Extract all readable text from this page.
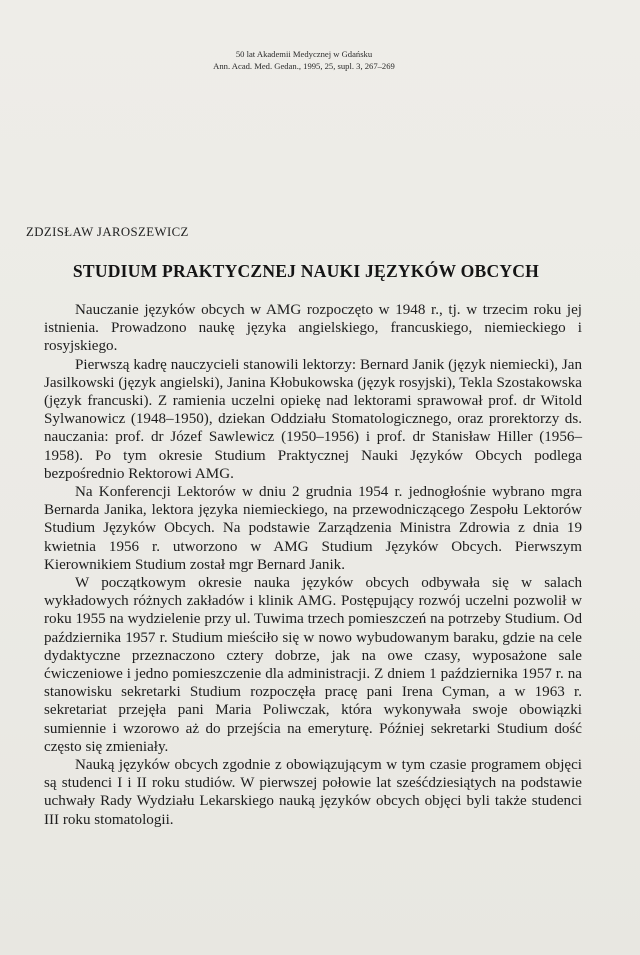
50 lat Akademii Medycznej w Gdańsku
Ann. Acad. Med. Gedan., 1995, 25, supl. 3, 267–269
ZDZISŁAW JAROSZEWICZ
STUDIUM PRAKTYCZNEJ NAUKI JĘZYKÓW OBCYCH

Nauczanie języków obcych w AMG rozpoczęto w 1948 r., tj. w trzecim roku jej istnienia. Prowadzono naukę języka angielskiego, francuskiego, niemieckiego i rosyjskiego.

Pierwszą kadrę nauczycieli stanowili lektorzy: Bernard Janik (język niemiecki), Jan Jasilkowski (język angielski), Janina Kłobukowska (język rosyjski), Tekla Szostakowska (język francuski). Z ramienia uczelni opiekę nad lektorami sprawował prof. dr Witold Sylwanowicz (1948–1950), dziekan Oddziału Stomatologicznego, oraz prorektorzy ds. nauczania: prof. dr Józef Sawlewicz (1950–1956) i prof. dr Stanisław Hiller (1956–1958). Po tym okresie Studium Praktycznej Nauki Języków Obcych podlega bezpośrednio Rektorowi AMG.

Na Konferencji Lektorów w dniu 2 grudnia 1954 r. jednogłośnie wybrano mgra Bernarda Janika, lektora języka niemieckiego, na przewodniczącego Zespołu Lektorów Studium Języków Obcych. Na podstawie Zarządzenia Ministra Zdrowia z dnia 19 kwietnia 1956 r. utworzono w AMG Studium Języków Obcych. Pierwszym Kierownikiem Studium został mgr Bernard Janik.

W początkowym okresie nauka języków obcych odbywała się w salach wykładowych różnych zakładów i klinik AMG. Postępujący rozwój uczelni pozwolił w roku 1955 na wydzielenie przy ul. Tuwima trzech pomieszczeń na potrzeby Studium. Od października 1957 r. Studium mieściło się w nowo wybudowanym baraku, gdzie na cele dydaktyczne przeznaczono cztery dobrze, jak na owe czasy, wyposażone sale ćwiczeniowe i jedno pomieszczenie dla administracji. Z dniem 1 października 1957 r. na stanowisku sekretarki Studium rozpoczęła pracę pani Irena Cyman, a w 1963 r. sekretariat przejęła pani Maria Poliwczak, która wykonywała swoje obowiązki sumiennie i wzorowo aż do przejścia na emeryturę. Później sekretarki Studium dość często się zmieniały.

Nauką języków obcych zgodnie z obowiązującym w tym czasie programem objęci są studenci I i II roku studiów. W pierwszej połowie lat sześćdziesiątych na podstawie uchwały Rady Wydziału Lekarskiego nauką języków obcych objęci byli także studenci III roku stomatologii.
